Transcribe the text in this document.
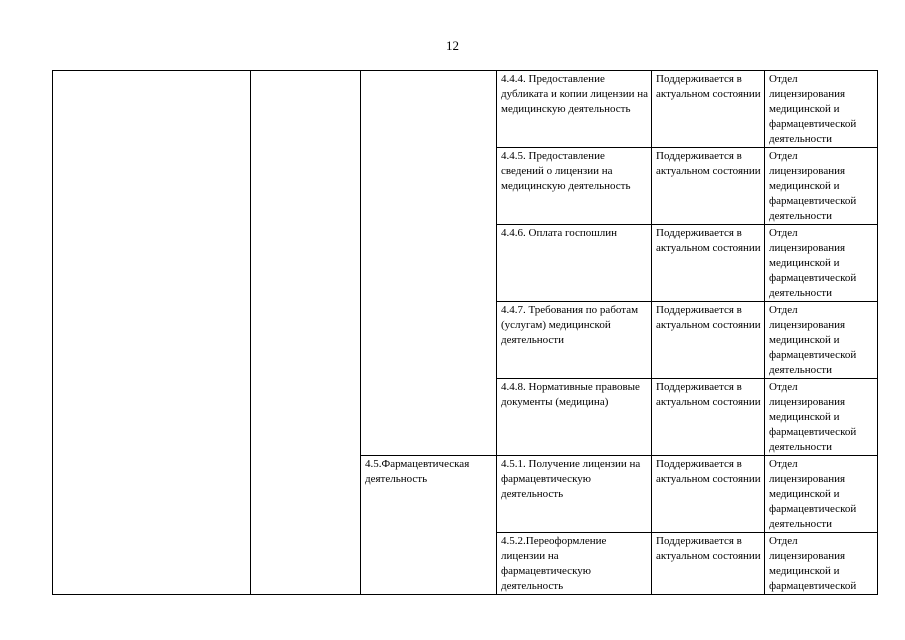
12
			4.4.4. Предоставление дубликата и копии лицензии на медицинскую деятельность	Поддерживается в актуальном состоянии	Отдел лицензирования медицинской и фармацевтической деятельности
			4.4.5. Предоставление сведений о лицензии на медицинскую деятельность	Поддерживается в актуальном состоянии	Отдел лицензирования медицинской и фармацевтической деятельности
			4.4.6. Оплата госпошлин	Поддерживается в актуальном состоянии	Отдел лицензирования медицинской и фармацевтической деятельности
			4.4.7. Требования по работам (услугам) медицинской деятельности	Поддерживается в актуальном состоянии	Отдел лицензирования медицинской и фармацевтической деятельности
			4.4.8. Нормативные правовые документы (медицина)	Поддерживается в актуальном состоянии	Отдел лицензирования медицинской и фармацевтической деятельности
		4.5.Фармацевтическая деятельность	4.5.1. Получение лицензии на фармацевтическую деятельность	Поддерживается в актуальном состоянии	Отдел лицензирования медицинской и фармацевтической деятельности
			4.5.2.Переоформление лицензии на фармацевтическую деятельность	Поддерживается в актуальном состоянии	Отдел лицензирования медицинской и фармацевтической
